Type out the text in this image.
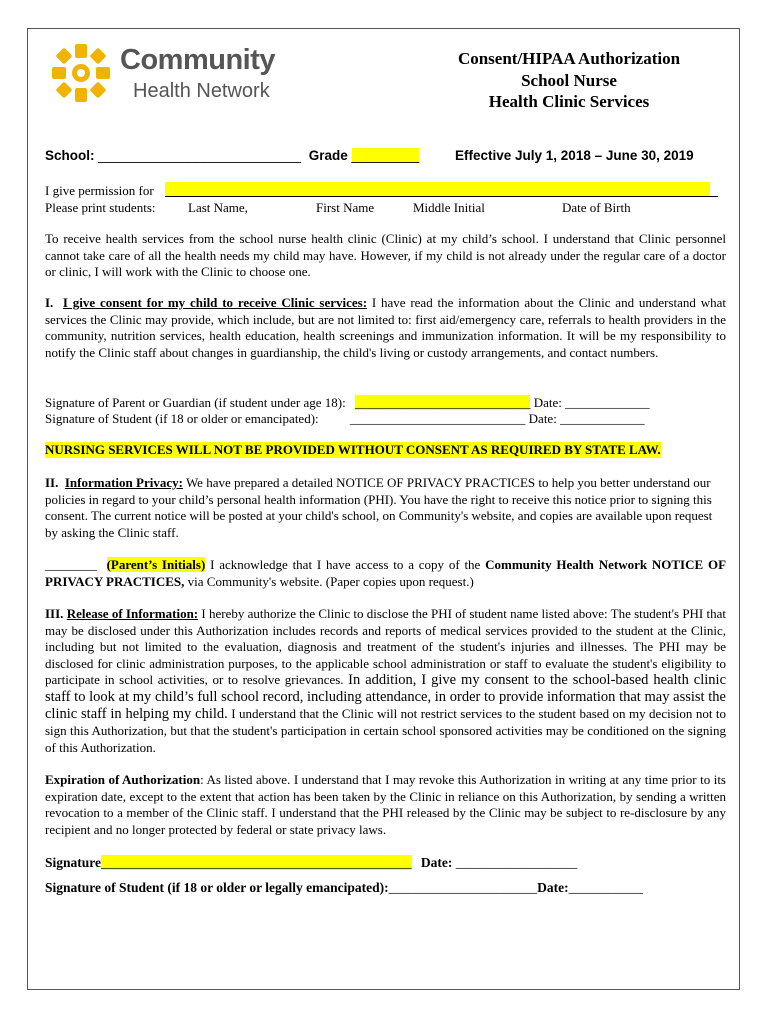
Community
Health Network
Consent/HIPAA Authorization
School Nurse
Health Clinic Services
School: ___________________________ Grade _________	Effective July 1, 2018 – June 30, 2019
I give permission for
Please print students:	Last Name,	First Name	Middle Initial	Date of Birth
To receive health services from the school nurse health clinic (Clinic) at my child’s school. I understand that Clinic personnel cannot take care of all the health needs my child may have. However, if my child is not already under the regular care of a doctor or clinic, I will work with the Clinic to choose one.
I. I give consent for my child to receive Clinic services: I have read the information about the Clinic and understand what services the Clinic may provide, which include, but are not limited to: first aid/emergency care, referrals to health providers in the community, nutrition services, health education, health screenings and immunization information. It will be my responsibility to notify the Clinic staff about changes in guardianship, the child's living or custody arrangements, and contact numbers.
Signature of Parent or Guardian (if student under age 18): ___________________________ Date: _____________
Signature of Student (if 18 or older or emancipated): ___________________________ Date: _____________
NURSING SERVICES WILL NOT BE PROVIDED WITHOUT CONSENT AS REQUIRED BY STATE LAW.
II. Information Privacy: We have prepared a detailed NOTICE OF PRIVACY PRACTICES to help you better understand our policies in regard to your child’s personal health information (PHI). You have the right to receive this notice prior to signing this consent. The current notice will be posted at your child's school, on Community's website, and copies are available upon request by asking the Clinic staff.
________ (Parent’s Initials) I acknowledge that I have access to a copy of the Community Health Network NOTICE OF PRIVACY PRACTICES, via Community's website. (Paper copies upon request.)
III. Release of Information: I hereby authorize the Clinic to disclose the PHI of student name listed above: The student's PHI that may be disclosed under this Authorization includes records and reports of medical services provided to the student at the Clinic, including but not limited to the evaluation, diagnosis and treatment of the student's injuries and illnesses. The PHI may be disclosed for clinic administration purposes, to the applicable school administration or staff to evaluate the student's eligibility to participate in school activities, or to resolve grievances. In addition, I give my consent to the school-based health clinic staff to look at my child’s full school record, including attendance, in order to provide information that may assist the clinic staff in helping my child. I understand that the Clinic will not restrict services to the student based on my decision not to sign this Authorization, but that the student's participation in certain school sponsored activities may be conditioned on the signing of this Authorization.
Expiration of Authorization: As listed above. I understand that I may revoke this Authorization in writing at any time prior to its expiration date, except to the extent that action has been taken by the Clinic in reliance on this Authorization, by sending a written revocation to a member of the Clinic staff. I understand that the PHI released by the Clinic may be subject to re-disclosure by any recipient and no longer protected by federal or state privacy laws.
Signature______________________________________________ Date: __________________
Signature of Student (if 18 or older or legally emancipated):______________________Date:___________
